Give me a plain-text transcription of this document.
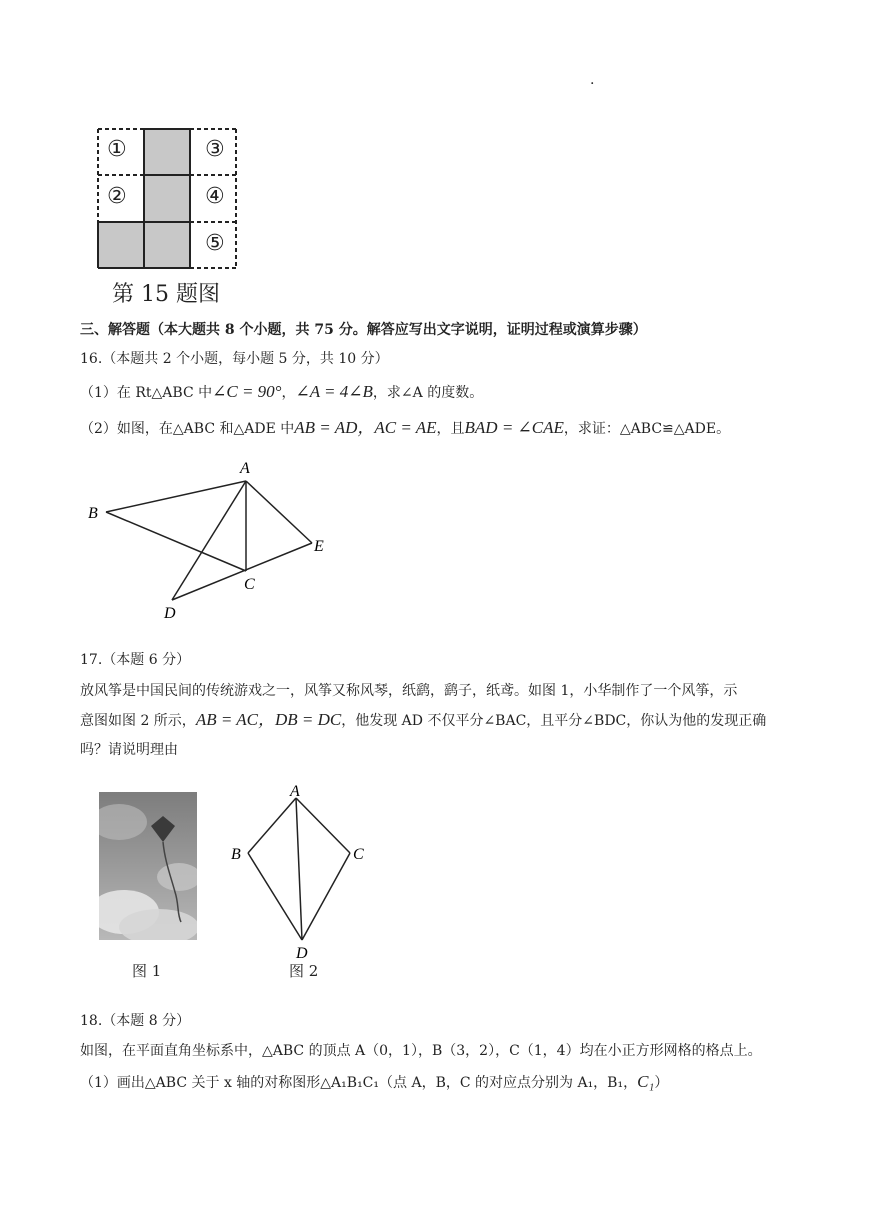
.
①
②
③
④
⑤
第 15 题图
三、解答题（本大题共 8 个小题，共 75 分。解答应写出文字说明，证明过程或演算步骤）
16.（本题共 2 个小题，每小题 5 分，共 10 分）
（1）在 Rt△ABC 中∠C = 90°，∠A = 4∠B，求∠A 的度数。
（2）如图，在△ABC 和△ADE 中AB = AD，AC = AE，且BAD = ∠CAE，求证：△ABC≌△ADE。
A
B
C
D
E
17.（本题 6 分）
放风筝是中国民间的传统游戏之一，风筝又称风琴，纸鹞，鹞子，纸鸢。如图 1，小华制作了一个风筝，示
意图如图 2 所示，AB = AC，DB = DC，他发现 AD 不仅平分∠BAC，且平分∠BDC，你认为他的发现正确
吗？请说明理由
图 1
A
B	C
D
图 2
18.（本题 8 分）
如图，在平面直角坐标系中，△ABC 的顶点 A（0，1），B（3，2），C（1，4）均在小正方形网格的格点上。
（1）画出△ABC 关于 x 轴的对称图形△A₁B₁C₁（点 A，B，C 的对应点分别为 A₁，B₁，C₁）
